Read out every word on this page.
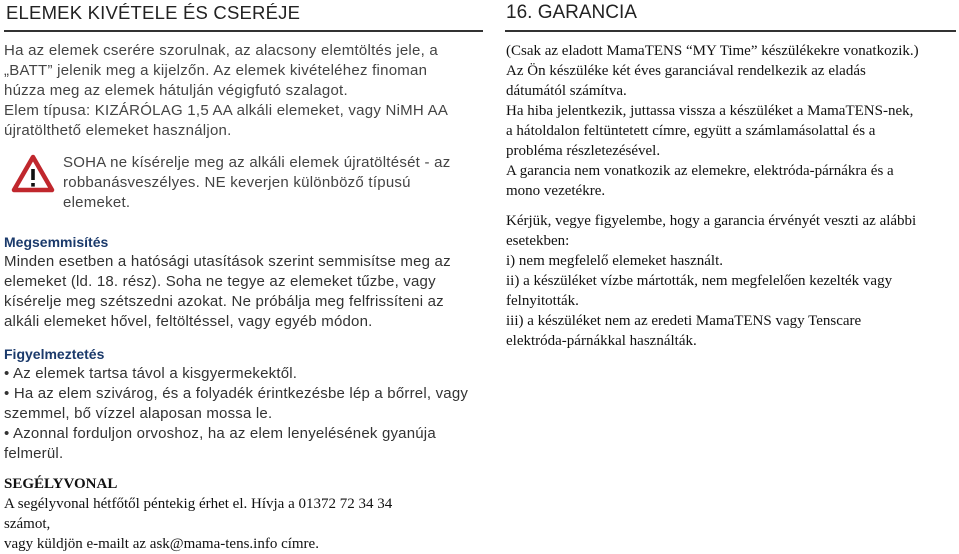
ELEMEK KIVÉTELE ÉS CSERÉJE
Ha az elemek cserére szorulnak, az alacsony elemtöltés jele, a
„BATT” jelenik meg a kijelzőn. Az elemek kivételéhez finoman
húzza meg az elemek hátulján végigfutó szalagot.
Elem típusa: KIZÁRÓLAG 1,5 AA alkáli elemeket, vagy NiMH AA
újratölthető elemeket használjon.
SOHA ne kísérelje meg az alkáli elemek újratöltését - az
robbanásveszélyes. NE keverjen különböző típusú
elemeket.
Megsemmisítés
Minden esetben a hatósági utasítások szerint semmisítse meg az
elemeket (ld. 18. rész). Soha ne tegye az elemeket tűzbe, vagy
kísérelje meg szétszedni azokat. Ne próbálja meg felfrissíteni az
alkáli elemeket hővel, feltöltéssel, vagy egyéb módon.
Figyelmeztetés
• Az elemek tartsa távol a kisgyermekektől.
• Ha az elem szivárog, és a folyadék érintkezésbe lép a bőrrel, vagy
szemmel, bő vízzel alaposan mossa le.
• Azonnal forduljon orvoshoz, ha az elem lenyelésének gyanúja
felmerül.
SEGÉLYVONAL
A segélyvonal hétfőtől péntekig érhet el. Hívja a 01372 72 34 34
számot,
vagy küldjön e-mailt az ask@mama-tens.info címre.
16. GARANCIA
(Csak az eladott MamaTENS “MY Time” készülékekre vonatkozik.)
Az Ön készüléke két éves garanciával rendelkezik az eladás
dátumától számítva.
Ha hiba jelentkezik, juttassa vissza a készüléket a MamaTENS-nek,
a hátoldalon feltüntetett címre, együtt a számlamásolattal és a
probléma részletezésével.
A garancia nem vonatkozik az elemekre, elektróda-párnákra és a
mono vezetékre.
Kérjük, vegye figyelembe, hogy a garancia érvényét veszti az alábbi
esetekben:
i) nem megfelelő elemeket használt.
ii) a készüléket vízbe mártották, nem megfelelően kezelték vagy
felnyitották.
iii) a készüléket nem az eredeti MamaTENS vagy Tenscare
elektróda-párnákkal használták.
